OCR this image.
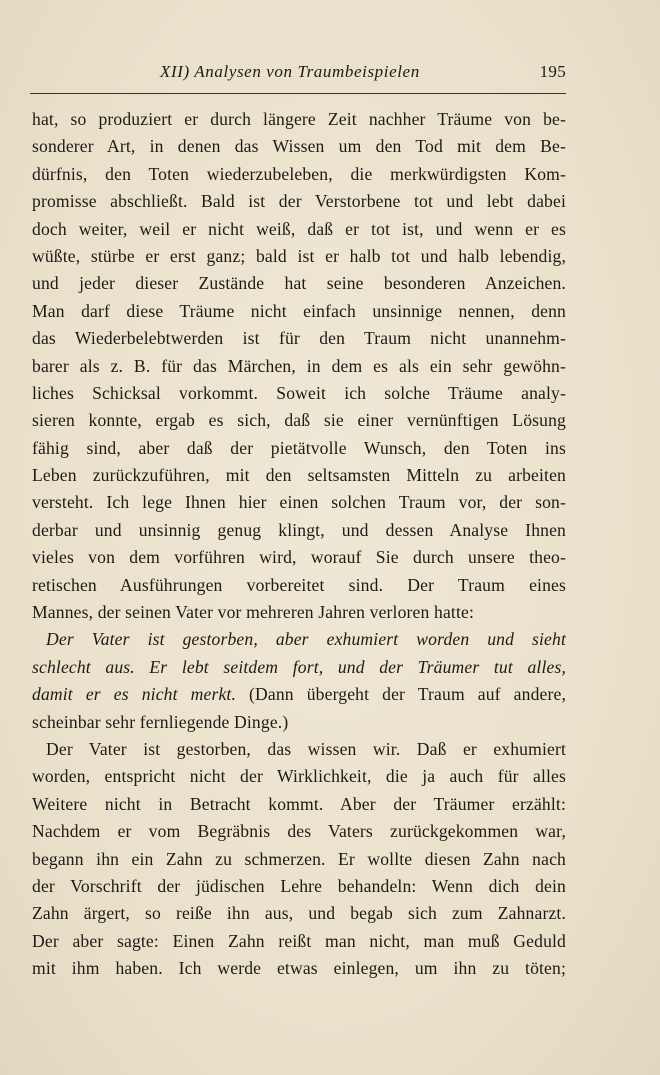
XII) Analysen von Traumbeispielen	195
hat, so produziert er durch längere Zeit nachher Träume von be-
sonderer Art, in denen das Wissen um den Tod mit dem Be-
dürfnis, den Toten wiederzubeleben, die merkwürdigsten Kom-
promisse abschließt. Bald ist der Verstorbene tot und lebt dabei
doch weiter, weil er nicht weiß, daß er tot ist, und wenn er es
wüßte, stürbe er erst ganz; bald ist er halb tot und halb lebendig,
und jeder dieser Zustände hat seine besonderen Anzeichen.
Man darf diese Träume nicht einfach unsinnige nennen, denn
das Wiederbelebtwerden ist für den Traum nicht unannehm-
barer als z. B. für das Märchen, in dem es als ein sehr gewöhn-
liches Schicksal vorkommt. Soweit ich solche Träume analy-
sieren konnte, ergab es sich, daß sie einer vernünftigen Lösung
fähig sind, aber daß der pietätvolle Wunsch, den Toten ins
Leben zurückzuführen, mit den seltsamsten Mitteln zu arbeiten
versteht. Ich lege Ihnen hier einen solchen Traum vor, der son-
derbar und unsinnig genug klingt, und dessen Analyse Ihnen
vieles von dem vorführen wird, worauf Sie durch unsere theo-
retischen Ausführungen vorbereitet sind. Der Traum eines
Mannes, der seinen Vater vor mehreren Jahren verloren hatte:
Der Vater ist gestorben, aber exhumiert worden und sieht
schlecht aus. Er lebt seitdem fort, und der Träumer tut alles,
damit er es nicht merkt. (Dann übergeht der Traum auf andere,
scheinbar sehr fernliegende Dinge.)
Der Vater ist gestorben, das wissen wir. Daß er exhumiert
worden, entspricht nicht der Wirklichkeit, die ja auch für alles
Weitere nicht in Betracht kommt. Aber der Träumer erzählt:
Nachdem er vom Begräbnis des Vaters zurückgekommen war,
begann ihn ein Zahn zu schmerzen. Er wollte diesen Zahn nach
der Vorschrift der jüdischen Lehre behandeln: Wenn dich dein
Zahn ärgert, so reiße ihn aus, und begab sich zum Zahnarzt.
Der aber sagte: Einen Zahn reißt man nicht, man muß Geduld
mit ihm haben. Ich werde etwas einlegen, um ihn zu töten;
